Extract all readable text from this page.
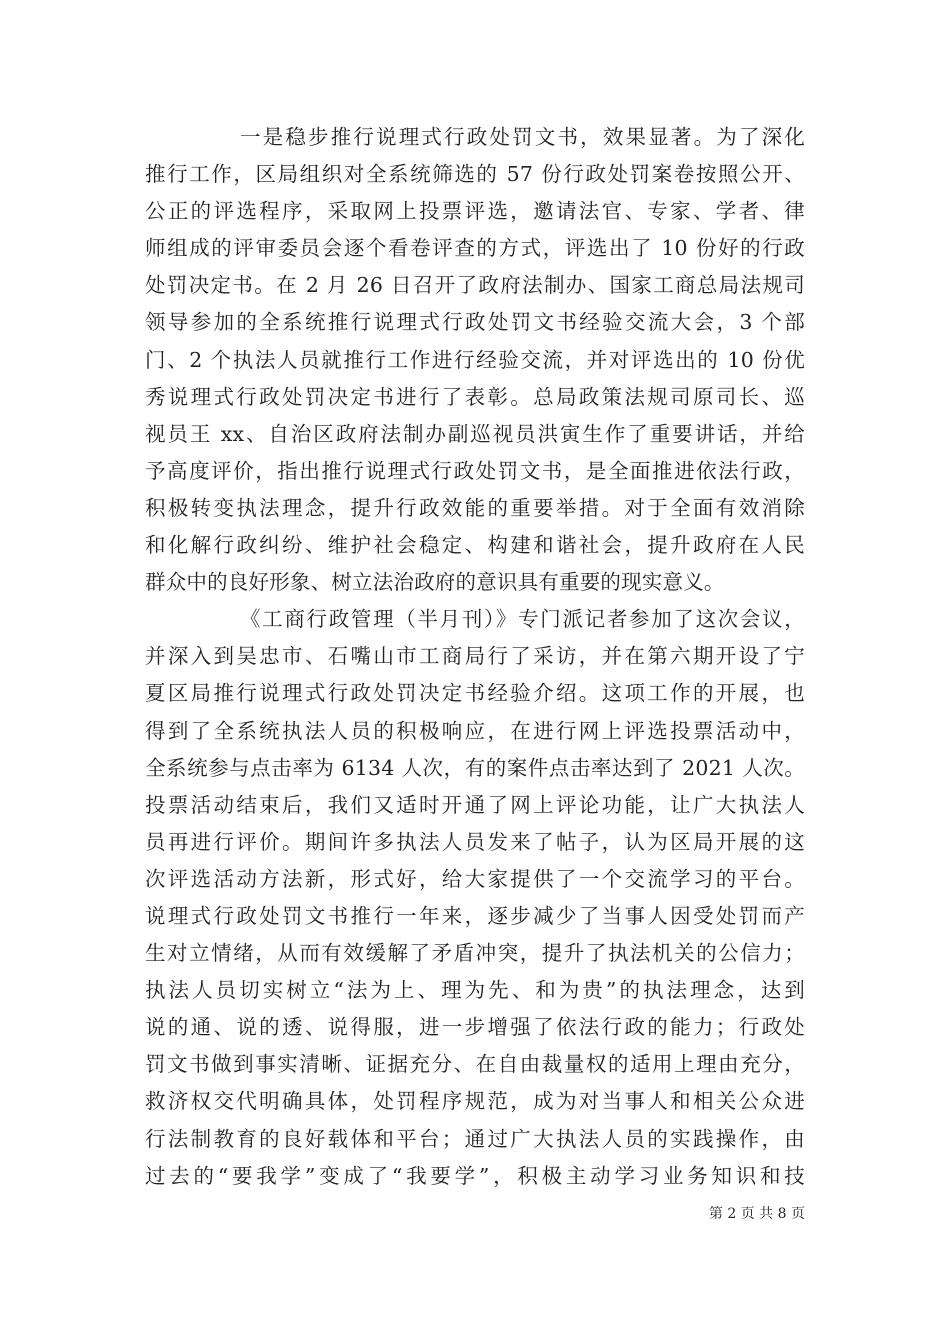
一是稳步推行说理式行政处罚文书，效果显著。为了深化
推行工作，区局组织对全系统筛选的 57 份行政处罚案卷按照公开、
公正的评选程序，采取网上投票评选，邀请法官、专家、学者、律
师组成的评审委员会逐个看卷评查的方式，评选出了 10 份好的行政
处罚决定书。在 2 月 26 日召开了政府法制办、国家工商总局法规司
领导参加的全系统推行说理式行政处罚文书经验交流大会，3 个部
门、2 个执法人员就推行工作进行经验交流，并对评选出的 10 份优
秀说理式行政处罚决定书进行了表彰。总局政策法规司原司长、巡
视员王 xx、自治区政府法制办副巡视员洪寅生作了重要讲话，并给
予高度评价，指出推行说理式行政处罚文书，是全面推进依法行政，
积极转变执法理念，提升行政效能的重要举措。对于全面有效消除
和化解行政纠纷、维护社会稳定、构建和谐社会，提升政府在人民
群众中的良好形象、树立法治政府的意识具有重要的现实意义。
《工商行政管理（半月刊）》专门派记者参加了这次会议，
并深入到吴忠市、石嘴山市工商局行了采访，并在第六期开设了宁
夏区局推行说理式行政处罚决定书经验介绍。这项工作的开展，也
得到了全系统执法人员的积极响应，在进行网上评选投票活动中，
全系统参与点击率为 6134 人次，有的案件点击率达到了 2021 人次。
投票活动结束后，我们又适时开通了网上评论功能，让广大执法人
员再进行评价。期间许多执法人员发来了帖子，认为区局开展的这
次评选活动方法新，形式好，给大家提供了一个交流学习的平台。
说理式行政处罚文书推行一年来，逐步减少了当事人因受处罚而产
生对立情绪，从而有效缓解了矛盾冲突，提升了执法机关的公信力；
执法人员切实树立“法为上、理为先、和为贵”的执法理念，达到
说的通、说的透、说得服，进一步增强了依法行政的能力；行政处
罚文书做到事实清晰、证据充分、在自由裁量权的适用上理由充分，
救济权交代明确具体，处罚程序规范，成为对当事人和相关公众进
行法制教育的良好载体和平台；通过广大执法人员的实践操作，由
过去的“要我学”变成了“我要学”，积极主动学习业务知识和技
第 2 页 共 8 页
